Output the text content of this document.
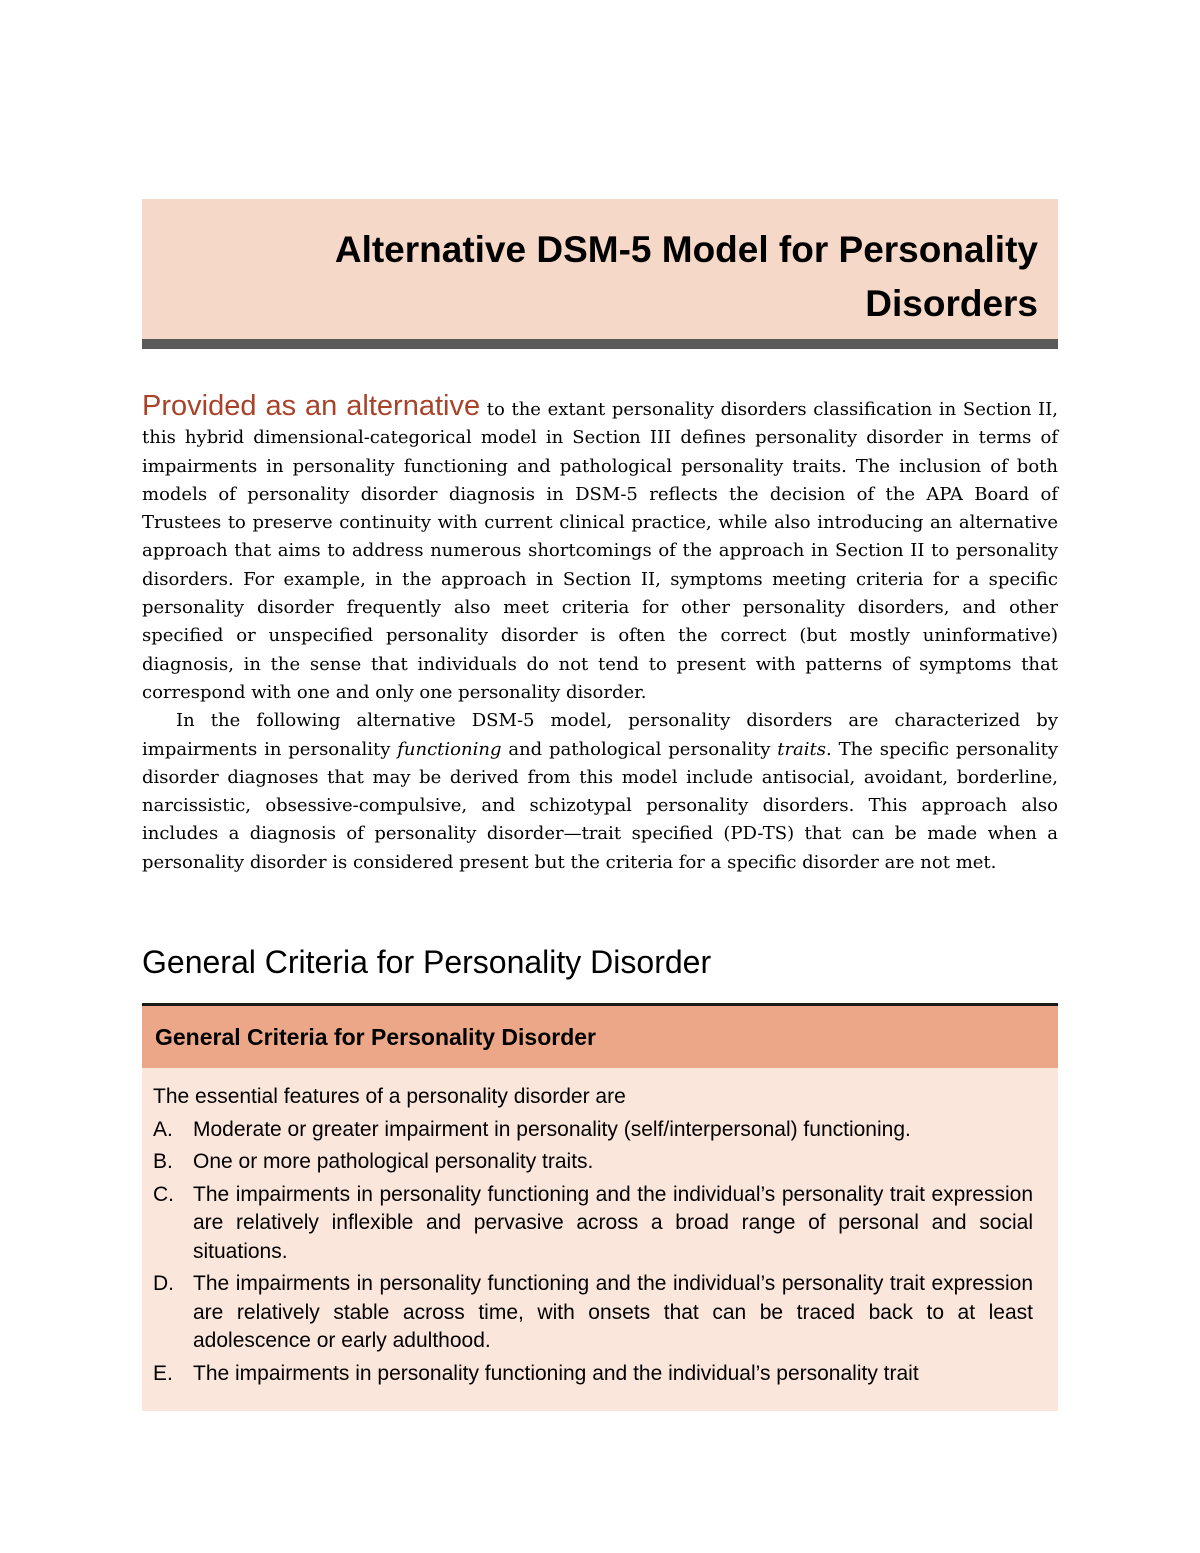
Alternative DSM-5 Model for Personality
Disorders

Provided as an alternative to the extant personality disorders classification in Section II, this hybrid dimensional-categorical model in Section III defines personality disorder in terms of impairments in personality functioning and pathological personality traits. The inclusion of both models of personality disorder diagnosis in DSM-5 reflects the decision of the APA Board of Trustees to preserve continuity with current clinical practice, while also introducing an alternative approach that aims to address numerous shortcomings of the approach in Section II to personality disorders. For example, in the approach in Section II, symptoms meeting criteria for a specific personality disorder frequently also meet criteria for other personality disorders, and other specified or unspecified personality disorder is often the correct (but mostly uninformative) diagnosis, in the sense that individuals do not tend to present with patterns of symptoms that correspond with one and only one personality disorder.

In the following alternative DSM-5 model, personality disorders are characterized by impairments in personality functioning and pathological personality traits. The specific personality disorder diagnoses that may be derived from this model include antisocial, avoidant, borderline, narcissistic, obsessive-compulsive, and schizotypal personality disorders. This approach also includes a diagnosis of personality disorder—trait specified (PD-TS) that can be made when a personality disorder is considered present but the criteria for a specific disorder are not met.

General Criteria for Personality Disorder
General Criteria for Personality Disorder

The essential features of a personality disorder are

A. Moderate or greater impairment in personality (self/interpersonal) functioning.
B. One or more pathological personality traits.
C. The impairments in personality functioning and the individual’s personality trait expression are relatively inflexible and pervasive across a broad range of personal and social situations.
D. The impairments in personality functioning and the individual’s personality trait expression are relatively stable across time, with onsets that can be traced back to at least adolescence or early adulthood.
E. The impairments in personality functioning and the individual’s personality trait
